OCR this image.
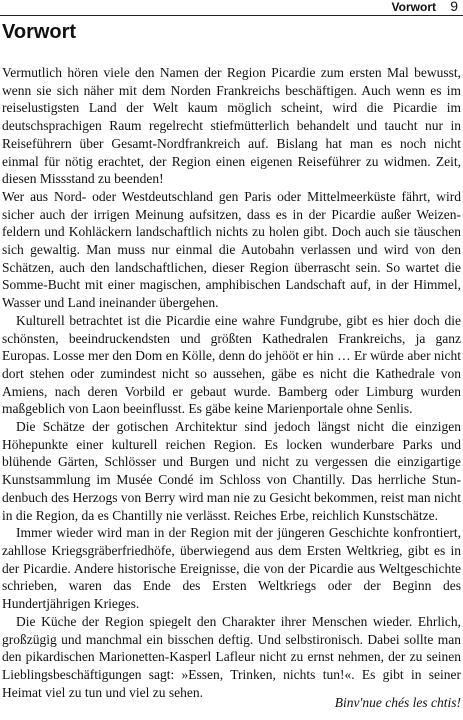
Vorwort 9
Vorwort

Vermutlich hören viele den Namen der Region Picardie zum ersten Mal bewusst, wenn sie sich näher mit dem Norden Frankreichs beschäftigen. Auch wenn es im reiselustigsten Land der Welt kaum möglich scheint, wird die Picardie im deutschsprachigen Raum regelrecht stiefmütterlich behandelt und taucht nur in Reiseführern über Gesamt-Nordfrankreich auf. Bislang hat man es noch nicht einmal für nötig erachtet, der Region einen eigenen Reiseführer zu widmen. Zeit, diesen Missstand zu beenden!

Wer aus Nord- oder Westdeutschland gen Paris oder Mittelmeerküste fährt, wird sicher auch der irrigen Meinung aufsitzen, dass es in der Picardie außer Weizenfeldern und Kohläckern landschaftlich nichts zu holen gibt. Doch auch sie täuschen sich gewaltig. Man muss nur einmal die Autobahn verlassen und wird von den Schätzen, auch den landschaftlichen, dieser Region überrascht sein. So wartet die Somme-Bucht mit einer magischen, amphibischen Landschaft auf, in der Himmel, Wasser und Land ineinander übergehen.

Kulturell betrachtet ist die Picardie eine wahre Fundgrube, gibt es hier doch die schönsten, beeindruckendsten und größten Kathedralen Frankreichs, ja ganz Europas. Losse mer den Dom en Kölle, denn do jehööt er hin … Er würde aber nicht dort stehen oder zumindest nicht so aussehen, gäbe es nicht die Kathedrale von Amiens, nach deren Vorbild er gebaut wurde. Bamberg oder Limburg wurden maßgeblich von Laon beeinflusst. Es gäbe keine Marienportale ohne Senlis.

Die Schätze der gotischen Architektur sind jedoch längst nicht die einzigen Höhepunkte einer kulturell reichen Region. Es locken wunderbare Parks und blühende Gärten, Schlösser und Burgen und nicht zu vergessen die einzigartige Kunstsammlung im Musée Condé im Schloss von Chantilly. Das herrliche Stundenbuch des Herzogs von Berry wird man nie zu Gesicht bekommen, reist man nicht in die Region, da es Chantilly nie verlässt. Reiches Erbe, reichlich Kunstschätze.

Immer wieder wird man in der Region mit der jüngeren Geschichte konfrontiert, zahllose Kriegsgräberfriedhöfe, überwiegend aus dem Ersten Weltkrieg, gibt es in der Picardie. Andere historische Ereignisse, die von der Picardie aus Weltgeschichte schrieben, waren das Ende des Ersten Weltkriegs oder der Beginn des Hundertjährigen Krieges.

Die Küche der Region spiegelt den Charakter ihrer Menschen wieder. Ehrlich, großzügig und manchmal ein bisschen deftig. Und selbstironisch. Dabei sollte man den pikardischen Marionetten-Kasperl Lafleur nicht zu ernst nehmen, der zu seinen Lieblingsbeschäftigungen sagt: »Essen, Trinken, nichts tun!«. Es gibt in seiner Heimat viel zu tun und viel zu sehen.

Binv'nue chés les chtis!
